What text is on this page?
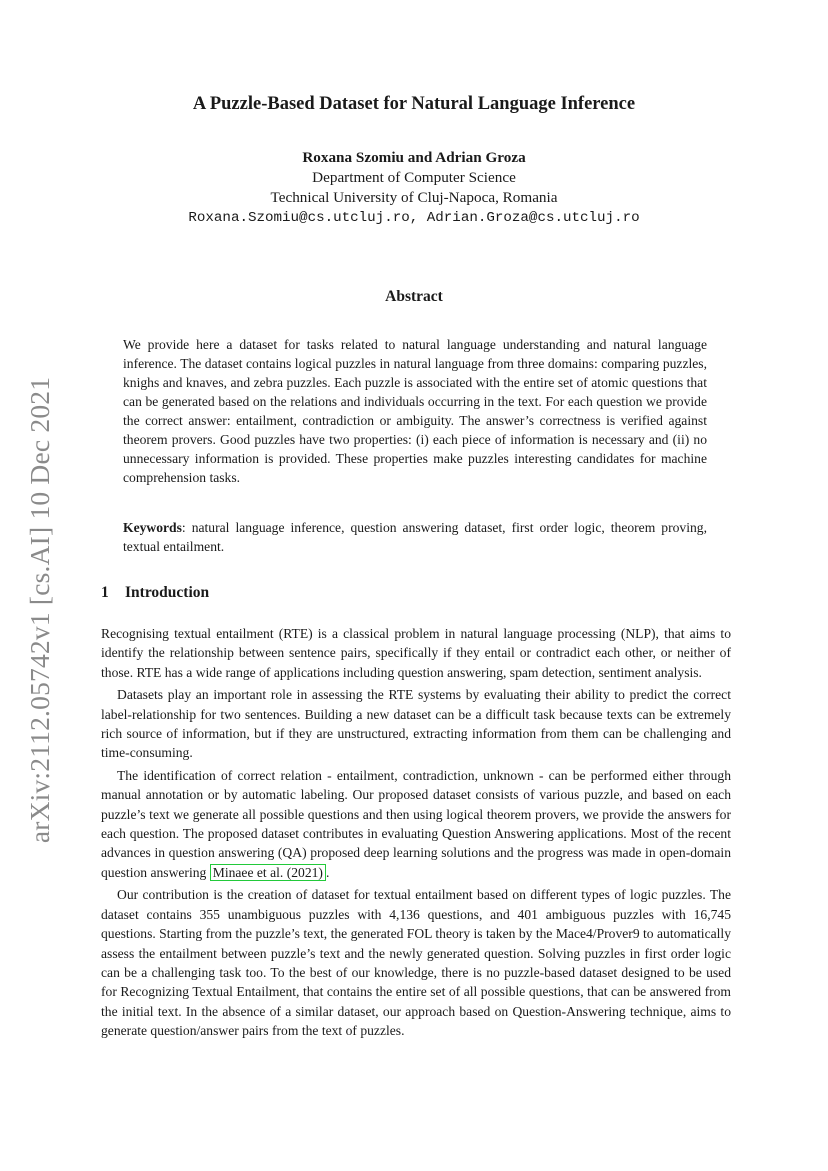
arXiv:2112.05742v1 [cs.AI] 10 Dec 2021
A Puzzle-Based Dataset for Natural Language Inference
Roxana Szomiu and Adrian Groza
Department of Computer Science
Technical University of Cluj-Napoca, Romania
Roxana.Szomiu@cs.utcluj.ro, Adrian.Groza@cs.utcluj.ro
Abstract

We provide here a dataset for tasks related to natural language understanding and natural language inference. The dataset contains logical puzzles in natural language from three domains: comparing puzzles, knighs and knaves, and zebra puzzles. Each puzzle is associated with the entire set of atomic questions that can be generated based on the relations and individuals occurring in the text. For each question we provide the correct answer: entailment, contradiction or ambiguity. The answer’s correctness is verified against theorem provers. Good puzzles have two properties: (i) each piece of information is necessary and (ii) no unnecessary information is provided. These properties make puzzles interesting candidates for machine comprehension tasks.

Keywords: natural language inference, question answering dataset, first order logic, theorem proving, textual entailment.

1 Introduction

Recognising textual entailment (RTE) is a classical problem in natural language processing (NLP), that aims to identify the relationship between sentence pairs, specifically if they entail or contradict each other, or neither of those. RTE has a wide range of applications including question answering, spam detection, sentiment analysis.

Datasets play an important role in assessing the RTE systems by evaluating their ability to predict the correct label-relationship for two sentences. Building a new dataset can be a difficult task because texts can be extremely rich source of information, but if they are unstructured, extracting information from them can be challenging and time-consuming.

The identification of correct relation - entailment, contradiction, unknown - can be performed either through manual annotation or by automatic labeling. Our proposed dataset consists of various puzzle, and based on each puzzle’s text we generate all possible questions and then using logical theorem provers, we provide the answers for each question. The proposed dataset contributes in evaluating Question Answering applications. Most of the recent advances in question answering (QA) proposed deep learning solutions and the progress was made in open-domain question answering Minaee et al. (2021) .

Our contribution is the creation of dataset for textual entailment based on different types of logic puzzles. The dataset contains 355 unambiguous puzzles with 4,136 questions, and 401 ambiguous puzzles with 16,745 questions. Starting from the puzzle’s text, the generated FOL theory is taken by the Mace4/Prover9 to automatically assess the entailment between puzzle’s text and the newly generated question. Solving puzzles in first order logic can be a challenging task too. To the best of our knowledge, there is no puzzle-based dataset designed to be used for Recognizing Textual Entailment, that contains the entire set of all possible questions, that can be answered from the initial text. In the absence of a similar dataset, our approach based on Question-Answering technique, aims to generate question/answer pairs from the text of puzzles.
